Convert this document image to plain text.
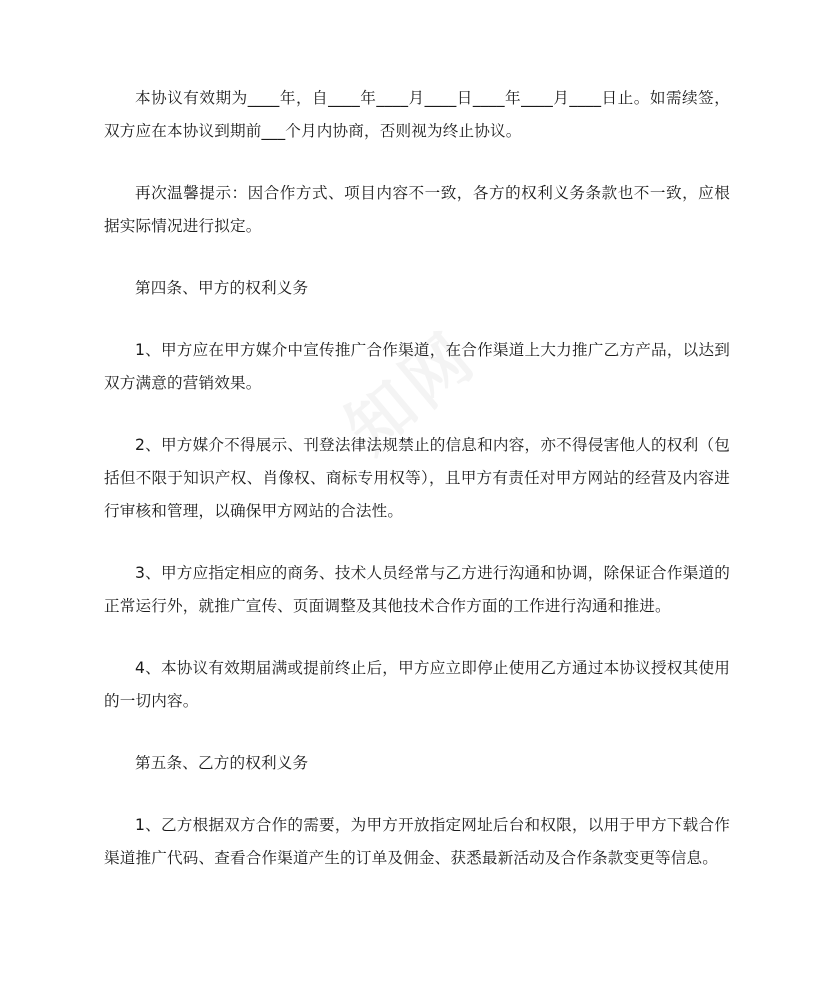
本协议有效期为____年，自____年____月____日____年____月____日止。如需续签，双方应在本协议到期前___个月内协商，否则视为终止协议。

再次温馨提示：因合作方式、项目内容不一致，各方的权利义务条款也不一致，应根据实际情况进行拟定。

第四条、甲方的权利义务

1、甲方应在甲方媒介中宣传推广合作渠道，在合作渠道上大力推广乙方产品，以达到双方满意的营销效果。

2、甲方媒介不得展示、刊登法律法规禁止的信息和内容，亦不得侵害他人的权利（包括但不限于知识产权、肖像权、商标专用权等），且甲方有责任对甲方网站的经营及内容进行审核和管理，以确保甲方网站的合法性。

3、甲方应指定相应的商务、技术人员经常与乙方进行沟通和协调，除保证合作渠道的正常运行外，就推广宣传、页面调整及其他技术合作方面的工作进行沟通和推进。

4、本协议有效期届满或提前终止后，甲方应立即停止使用乙方通过本协议授权其使用的一切内容。

第五条、乙方的权利义务

1、乙方根据双方合作的需要，为甲方开放指定网址后台和权限，以用于甲方下载合作渠道推广代码、查看合作渠道产生的订单及佣金、获悉最新活动及合作条款变更等信息。
